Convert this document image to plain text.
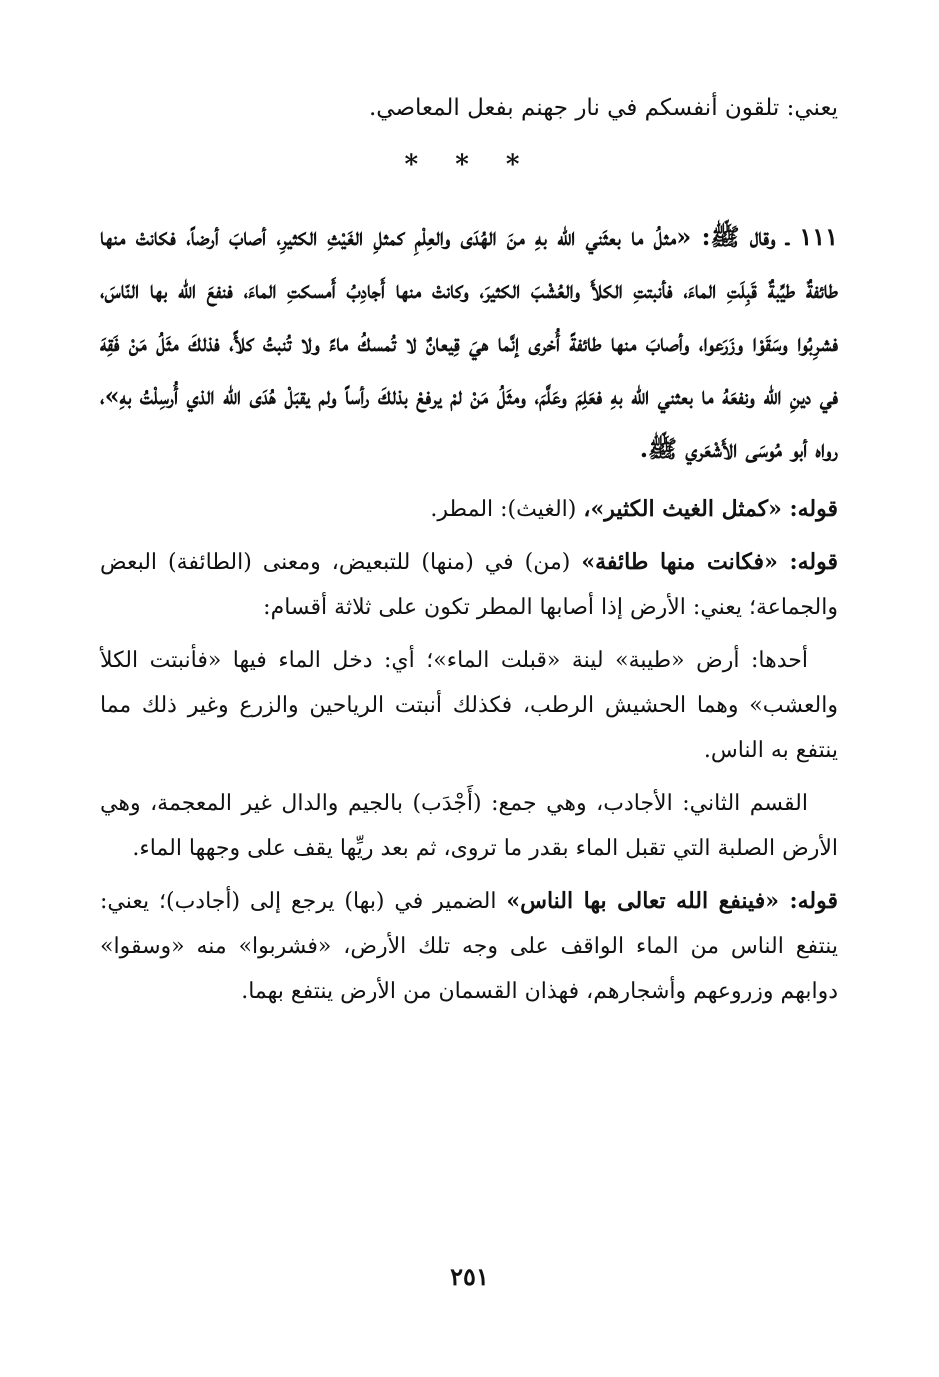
يعني: تلقون أنفسكم في نار جهنم بفعل المعاصي.

* * *

١١١ ـ وقال ﷺ: «مثلُ ما بعثَني الله بهِ منَ الهُدَى والعِلْمِ كمثلِ الغَيْثِ الكثيرِ، أصابَ أرضاً، فكانتْ منها طائفةٌ طيِّبةٌ قَبِلَتِ الماءَ، فأنبتتِ الكلأَ والعُشْبَ الكثيرَ، وكانتْ منها أَجادِبُ أَمسكتِ الماءَ، فنفعَ الله بها النّاسَ، فشرِبُوا وسَقَوْا وزَرَعوا، وأصابَ منها طائفةً أُخرى إنَّما هيَ قِيعانٌ لا تُمسكُ ماءً ولا تُنبتُ كلأً، فذلكَ مثَلُ مَنْ فَقِهَ في دينِ الله ونفعَهُ ما بعثني الله بهِ فعَلِمَ وعَلَّمَ، ومثَلُ مَنْ لمْ يرفعْ بذلكَ رأساً ولم يقبَلْ هُدَى الله الذي أُرسِلْتُ بهِ»، رواه أبو مُوسَى الأَشْعَري ﷺ.

قوله: «كمثل الغيث الكثير»، (الغيث): المطر.

قوله: «فكانت منها طائفة» (من) في (منها) للتبعيض، ومعنى (الطائفة) البعض والجماعة؛ يعني: الأرض إذا أصابها المطر تكون على ثلاثة أقسام:

أحدها: أرض «طيبة» لينة «قبلت الماء»؛ أي: دخل الماء فيها «فأنبتت الكلأ والعشب» وهما الحشيش الرطب، فكذلك أنبتت الرياحين والزرع وغير ذلك مما ينتفع به الناس.

القسم الثاني: الأجادب، وهي جمع: (أَجْدَب) بالجيم والدال غير المعجمة، وهي الأرض الصلبة التي تقبل الماء بقدر ما تروى، ثم بعد ريِّها يقف على وجهها الماء.

قوله: «فينفع الله تعالى بها الناس» الضمير في (بها) يرجع إلى (أجادب)؛ يعني: ينتفع الناس من الماء الواقف على وجه تلك الأرض، «فشربوا» منه «وسقوا» دوابهم وزروعهم وأشجارهم، فهذان القسمان من الأرض ينتفع بهما.

٢٥١
